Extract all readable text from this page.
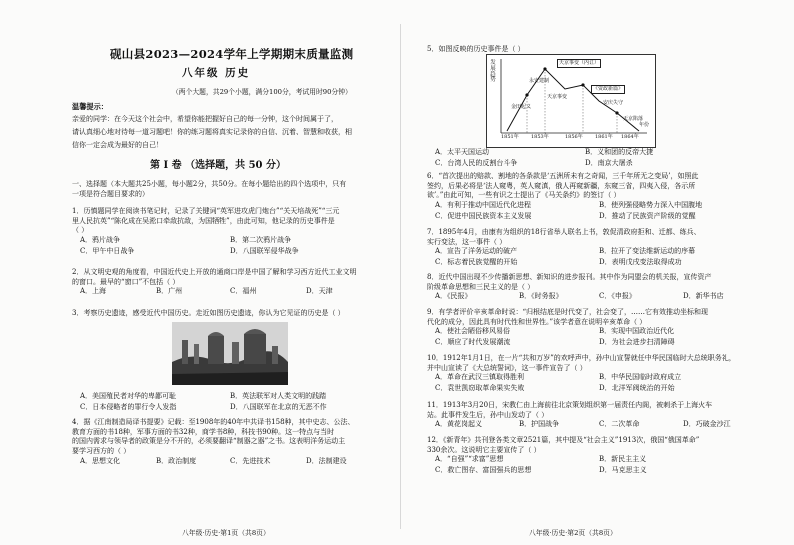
砚山县2023—2024学年上学期期末质量监测
八年级 历史
（两个大题，共29个小题，满分100分，考试用时90分钟）
温馨提示：
亲爱的同学：在今天这个社会中，希望你能把握好自己的每一分钟，这个时间属于了，
请认真细心地对待每一道习题吧！你的练习题将真实记录你的自信、沉着、智慧和收获，相
信你一定会成为最好的自己！
第 Ⅰ 卷 （选择题，共 50 分）
一、选择题（本大题共25小题，每小题2分，共50分。在每小题给出的四个选项中，只有
一项是符合题目要求的）
1．历慎题同学在阅读书笔记时，记录了关键词“英军进攻虎门炮台”“关天培战死”“三元
里人民抗英”“陈化成在吴淞口牵敌抗敌，为国牺牲”，由此可知，他记录的历史事件是
（ ）
A．鸦片战争	B．第二次鸦片战争
C．甲午中日战争	D．八国联军侵华战争
2．从文明史观的角度看，中国近代史上开放的通商口岸是中国了解和学习西方近代工业文明
的窗口。最早的“窗口”不包括（ ）
A．上海	B．广州	C．福州	D．天津
3．考察历史遗迹，感受近代中国历史。走近如图历史遗迹，你认为它见证的历史是（ ）
A．美国殖民者对华的卑鄙可耻	B．英法联军对人类文明的践踏
C．日本侵略者的罪行令人发指	D．八国联军在北京的无恶不作
4．据《江南制造局译书提要》记载：至1908年的40年中共译书158种，其中史志、公法、
教育方面的书18种，军事方面的书32种，商学书8种，科技书90种。这一特点与当时
的国内需求与领导者的政策是分不开的，必须要翻译“制器之器”之书。这表明洋务运动主
要学习西方的（ ）
A．思想文化	B．政治制度	C．先进技术	D．法制建设
八年级·历史·第1页（共8页）
5．如图反映的历史事件是（ ）
发展趋势
金田起义
永安建制
天京事变（内讧）
天京事变
《资政新篇》
安庆失守
天京陷落
1851年 1853年	1856年 1861年 1864年
年份
A．太平天国运动	B．义和团的反帝大捷
C．台湾人民的反割台斗争	D．南京大屠杀
6．“首次提出的赔款、割地的各条款是‘五洲所未有之奇闻，三千年所无之变局’，如照此
签约，后果必将是‘法人窥粤，英人窥滇，俄人再窥新疆，东窥三省，四夷入侵，各示所
欲’。”由此可知，一些有识之士提出了《马关条约》的签订（ ）
A．有利于推动中国近代化进程	B．使列强侵略势力深入中国腹地
C．促进中国民族资本主义发展	D．推动了民族资产阶级的觉醒
7．1895年4月，由康有为组织的18行省举人联名上书，敦促清政府拒和、迁都、练兵、
实行变法，这一事件（ ）
A．宣告了洋务运动的破产	B．拉开了变法维新运动的序幕
C．标志着民族觉醒的开始	D．表明戊戌变法取得成功
8．近代中国出现不少传播新思想、新知识的进步报刊。其中作为同盟会的机关报，宣传资产
阶级革命思想和三民主义的是（ ）
A．《民报》	B．《时务报》	C．《申报》	D．新华书店
9．有学者评价辛亥革命时说：“归根结底是时代变了，社会变了，……它有效推动坐标和现
代化的成分，因此具有时代性和世界性。”该学者意在说明辛亥革命（ ）
A．使社会陋俗移风易俗	B．实现中国政治近代化
C．顺应了时代发展潮流	D．为社会进步扫清障碍
10．1912年1月1日，在一片“共和万岁”的欢呼声中，孙中山宣誓就任中华民国临时大总统职务礼，
并中山宣读了《大总统誓词》，这一事件宣告了（ ）
A．革命在武汉三镇取得胜利	B．中华民国临时政府成立
C．袁世凯窃取革命果实失败	D．北洋军阀统治的开始
11．1913年3月20日，宋教仁由上海前往北京策划组织第一届责任内阁，被刺杀于上海火车
站。此事件发生后，孙中山发动了（ ）
A．黄花岗起义	B．护国战争	C．二次革命	D．巧破金沙江
12．《新青年》共刊登各类文章2521篇，其中提及“社会主义”1913次，俄国“俄国革命”
330余次。这说明它主要宣传了（ ）
A．“自强”“求富”思想	B．新民主主义
C．救亡图存、富国强兵的思想	D．马克思主义
八年级·历史·第2页（共8页）
